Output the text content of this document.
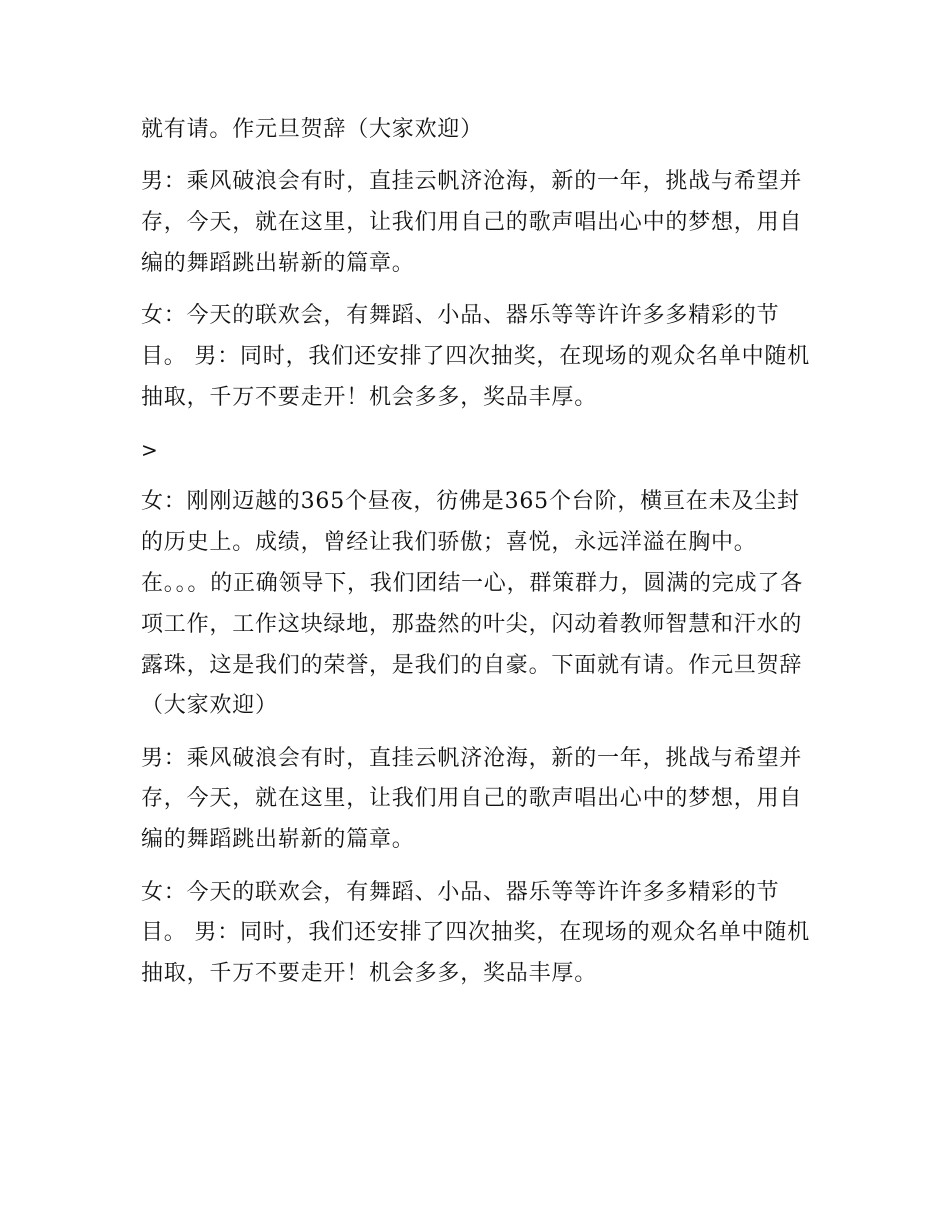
就有请。作元旦贺辞（大家欢迎）

男：乘风破浪会有时，直挂云帆济沧海，新的一年，挑战与希望并存，今天，就在这里，让我们用自己的歌声唱出心中的梦想，用自编的舞蹈跳出崭新的篇章。

女：今天的联欢会，有舞蹈、小品、器乐等等许许多多精彩的节目。 男：同时，我们还安排了四次抽奖，在现场的观众名单中随机抽取，千万不要走开！机会多多，奖品丰厚。

>

女：刚刚迈越的365个昼夜，彷佛是365个台阶，横亘在未及尘封的历史上。成绩，曾经让我们骄傲；喜悦，永远洋溢在胸中。在。。。的正确领导下，我们团结一心，群策群力，圆满的完成了各项工作，工作这块绿地，那盎然的叶尖，闪动着教师智慧和汗水的露珠，这是我们的荣誉，是我们的自豪。下面就有请。作元旦贺辞（大家欢迎）

男：乘风破浪会有时，直挂云帆济沧海，新的一年，挑战与希望并存，今天，就在这里，让我们用自己的歌声唱出心中的梦想，用自编的舞蹈跳出崭新的篇章。

女：今天的联欢会，有舞蹈、小品、器乐等等许许多多精彩的节目。 男：同时，我们还安排了四次抽奖，在现场的观众名单中随机抽取，千万不要走开！机会多多，奖品丰厚。
